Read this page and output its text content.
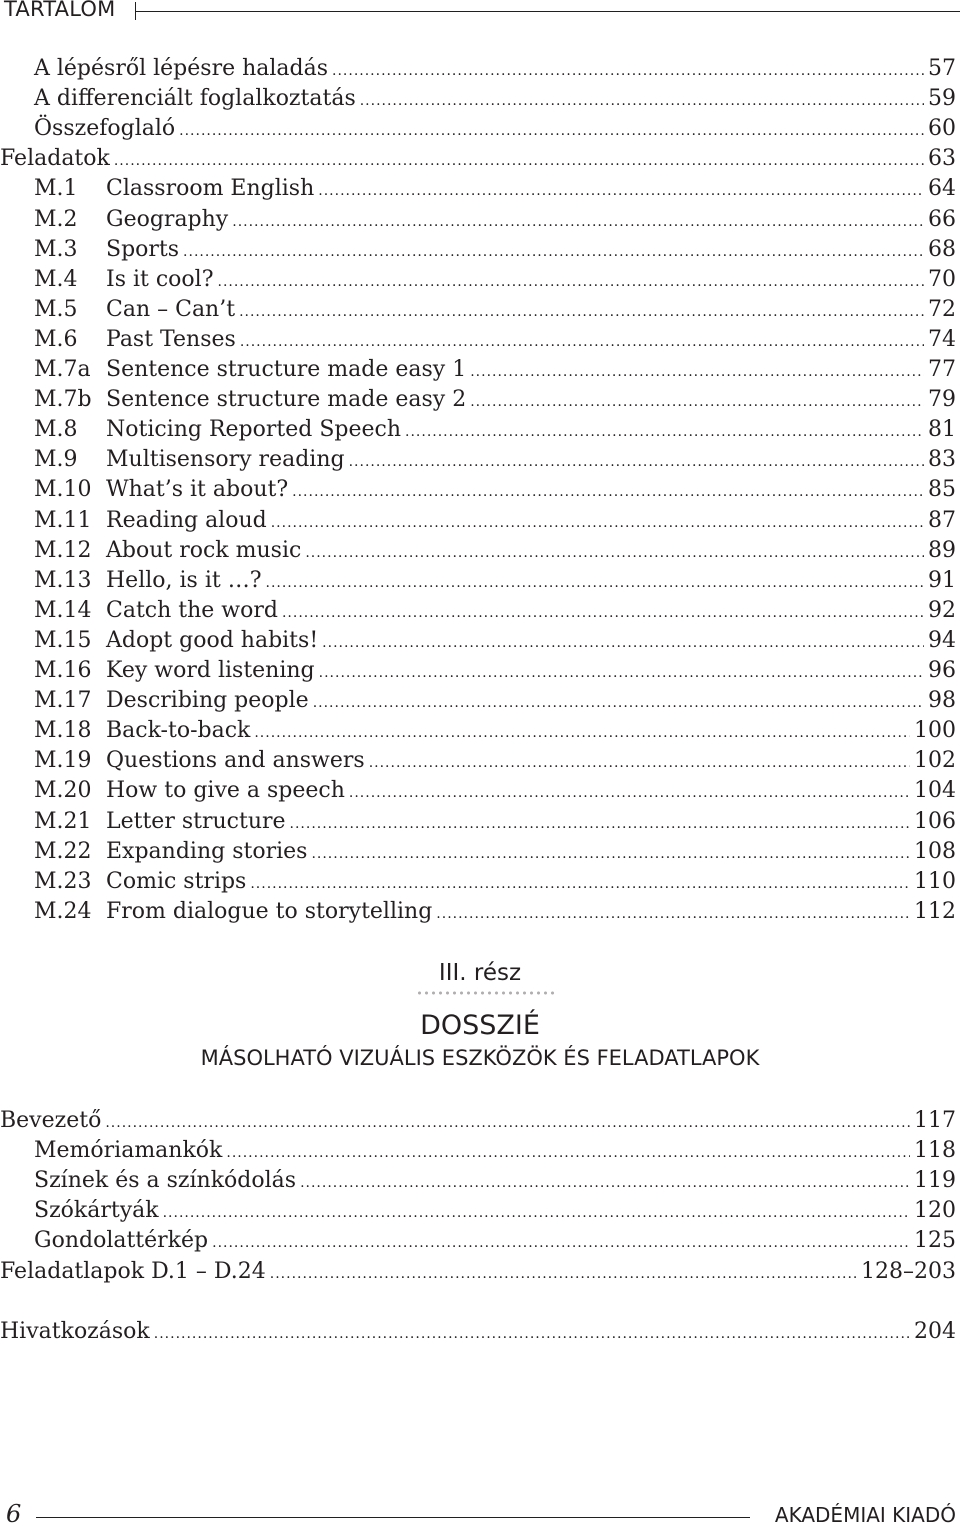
TARTALOM
A lépésről lépésre haladás .....	57
A differenciált foglalkoztatás .....	59
Összefoglaló .....	60
Feladatok .....	63
M.1	Classroom English .....	64
M.2	Geography .....	66
M.3	Sports .....	68
M.4	Is it cool? .....	70
M.5	Can – Can’t .....	72
M.6	Past Tenses .....	74
M.7a Sentence structure made easy 1 .....	77
M.7b Sentence structure made easy 2 .....	79
M.8	Noticing Reported Speech .....	81
M.9	Multisensory reading .....	83
M.10 What’s it about? .....	85
M.11 Reading aloud .....	87
M.12 About rock music .....	89
M.13 Hello, is it …? .....	91
M.14 Catch the word .....	92
M.15 Adopt good habits! .....	94
M.16 Key word listening .....	96
M.17 Describing people .....	98
M.18 Back-to-back .....	100
M.19 Questions and answers .....	102
M.20 How to give a speech .....	104
M.21 Letter structure .....	106
M.22 Expanding stories .....	108
M.23 Comic strips .....	110
M.24 From dialogue to storytelling .....	112
Bevezető .....	117
Memóriamankók .....	118
Színek és a színkódolás .....	119
Szókártyák .....	120
Gondolattérkép .....	125
Feladatlapok D.1 – D.24 .....	128–203
Hivatkozások .....	204
III. rész
DOSSZIÉ
MÁSOLHATÓ VIZUÁLIS ESZKÖZÖK ÉS FELADATLAPOK
6	AKADÉMIAI KIADÓ
